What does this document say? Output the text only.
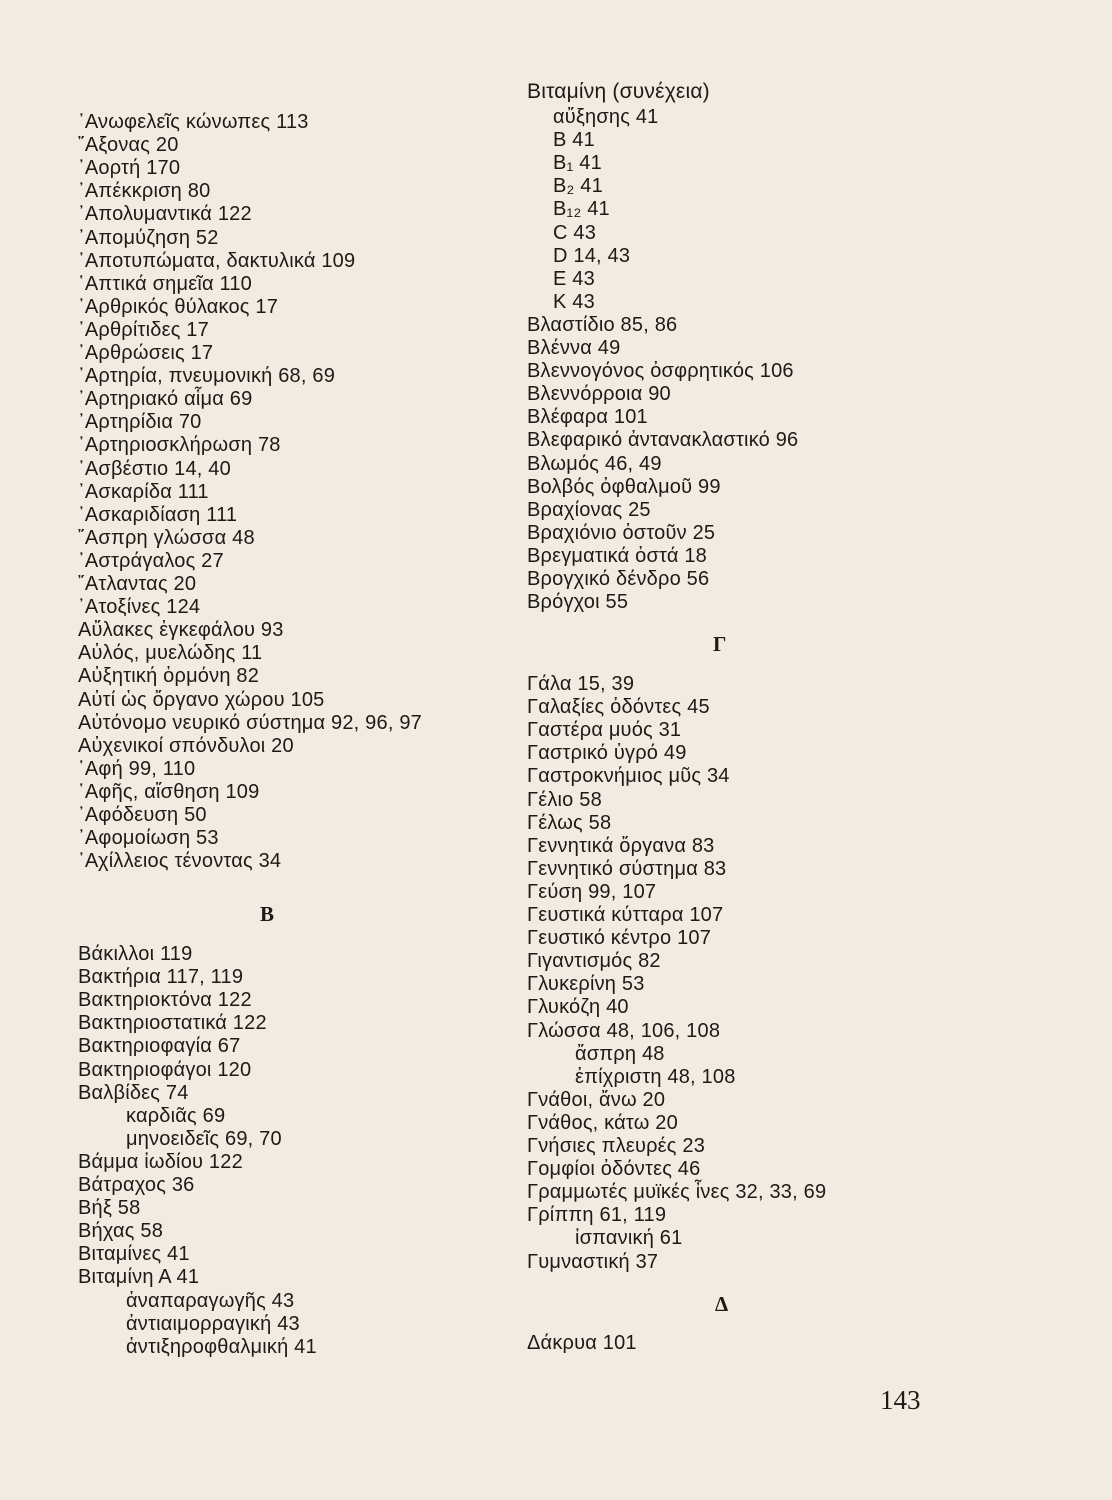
᾿Ανωφελεῖς κώνωπες 113
῎Αξονας 20
᾿Αορτή 170
᾿Απέκκριση 80
᾿Απολυμαντικά 122
᾿Απομύζηση 52
᾿Αποτυπώματα, δακτυλικά 109
῾Απτικά σημεῖα 110
᾿Αρθρικός θύλακος 17
᾿Αρθρίτιδες 17
᾿Αρθρώσεις 17
᾿Αρτηρία, πνευμονική 68, 69
᾿Αρτηριακό αἷμα 69
᾿Αρτηρίδια 70
᾿Αρτηριοσκλήρωση 78
᾿Ασβέστιο 14, 40
᾿Ασκαρίδα 111
᾿Ασκαριδίαση 111
῎Ασπρη γλώσσα 48
᾿Αστράγαλος 27
῎Ατλαντας 20
᾿Ατοξίνες 124
Αὔλακες ἐγκεφάλου 93
Αὐλός, μυελώδης 11
Αὐξητική ὁρμόνη 82
Αὐτί ὡς ὄργανο χώρου 105
Αὐτόνομο νευρικό σύστημα 92, 96, 97
Αὐχενικοί σπόνδυλοι 20
῾Αφή 99, 110
῾Αφῆς, αἴσθηση 109
᾿Αφόδευση 50
᾿Αφομοίωση 53
᾿Αχίλλειος τένοντας 34
Β
Βάκιλλοι 119
Βακτήρια 117, 119
Βακτηριοκτόνα 122
Βακτηριοστατικά 122
Βακτηριοφαγία 67
Βακτηριοφάγοι 120
Βαλβίδες 74
καρδιᾶς 69
μηνοειδεῖς 69, 70
Βάμμα ἰωδίου 122
Βάτραχος 36
Βήξ 58
Βήχας 58
Βιταμίνες 41
Βιταμίνη Α 41
ἀναπαραγωγῆς 43
ἀντιαιμορραγική 43
ἀντιξηροφθαλμική 41
Βιταμίνη (συνέχεια)
αὔξησης 41
B 41
B₁ 41
B₂ 41
B₁₂ 41
C 43
D 14, 43
E 43
K 43
Βλαστίδιο 85, 86
Βλέννα 49
Βλεννογόνος ὀσφρητικός 106
Βλεννόρροια 90
Βλέφαρα 101
Βλεφαρικό ἀντανακλαστικό 96
Βλωμός 46, 49
Βολβός ὀφθαλμοῦ 99
Βραχίονας 25
Βραχιόνιο ὀστοῦν 25
Βρεγματικά ὀστά 18
Βρογχικό δένδρο 56
Βρόγχοι 55
Γ
Γάλα 15, 39
Γαλαξίες ὀδόντες 45
Γαστέρα μυός 31
Γαστρικό ὑγρό 49
Γαστροκνήμιος μῦς 34
Γέλιο 58
Γέλως 58
Γεννητικά ὄργανα 83
Γεννητικό σύστημα 83
Γεύση 99, 107
Γευστικά κύτταρα 107
Γευστικό κέντρο 107
Γιγαντισμός 82
Γλυκερίνη 53
Γλυκόζη 40
Γλώσσα 48, 106, 108
ἄσπρη 48
ἐπίχριστη 48, 108
Γνάθοι, ἄνω 20
Γνάθος, κάτω 20
Γνήσιες πλευρές 23
Γομφίοι ὀδόντες 46
Γραμμωτές μυϊκές ἶνες 32, 33, 69
Γρίππη 61, 119
ἰσπανική 61
Γυμναστική 37
Δ
Δάκρυα 101
143
